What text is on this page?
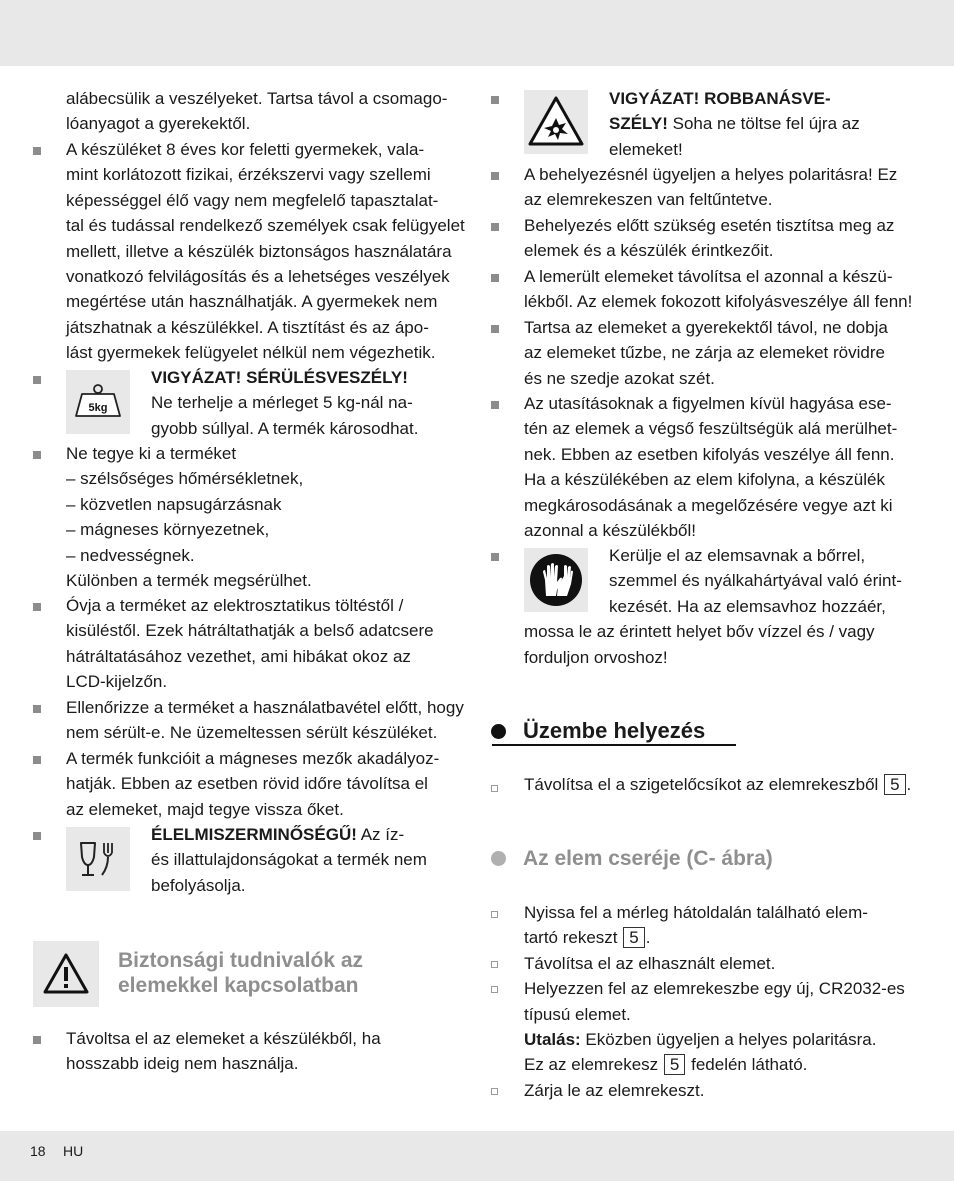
alábecsülik a veszélyeket. Tartsa távol a csomago-
lóanyagot a gyerekektől.
A készüléket 8 éves kor feletti gyermekek, vala-
mint korlátozott fizikai, érzékszervi vagy szellemi
képességgel élő vagy nem megfelelő tapasztalat-
tal és tudással rendelkező személyek csak felügyelet
mellett, illetve a készülék biztonságos használatára
vonatkozó felvilágosítás és a lehetséges veszélyek
megértése után használhatják. A gyermekek nem
játszhatnak a készülékkel. A tisztítást és az ápo-
lást gyermekek felügyelet nélkül nem végezhetik.
5kg
VIGYÁZAT! SÉRÜLÉSVESZÉLY!
Ne terhelje a mérleget 5 kg-nál na-
gyobb súllyal. A termék károsodhat.
Ne tegye ki a terméket
– szélsőséges hőmérsékletnek,
– közvetlen napsugárzásnak
– mágneses környezetnek,
– nedvességnek.
Különben a termék megsérülhet.
Óvja a terméket az elektrosztatikus töltéstől /
kisüléstől. Ezek hátráltathatják a belső adatcsere
hátráltatásához vezethet, ami hibákat okoz az
LCD-kijelzőn.
Ellenőrizze a terméket a használatbavétel előtt, hogy
nem sérült-e. Ne üzemeltessen sérült készüléket.
A termék funkcióit a mágneses mezők akadályoz-
hatják. Ebben az esetben rövid időre távolítsa el
az elemeket, majd tegye vissza őket.
ÉLELMISZERMINŐSÉGŰ! Az íz-
és illattulajdonságokat a termék nem
befolyásolja.
Biztonsági tudnivalók az
elemekkel kapcsolatban
Távoltsa el az elemeket a készülékből, ha
hosszabb ideig nem használja.
VIGYÁZAT! ROBBANÁSVE-
SZÉLY! Soha ne töltse fel újra az
elemeket!
A behelyezésnél ügyeljen a helyes polaritásra! Ez
az elemrekeszen van feltűntetve.
Behelyezés előtt szükség esetén tisztítsa meg az
elemek és a készülék érintkezőit.
A lemerült elemeket távolítsa el azonnal a készü-
lékből. Az elemek fokozott kifolyásveszélye áll fenn!
Tartsa az elemeket a gyerekektől távol, ne dobja
az elemeket tűzbe, ne zárja az elemeket rövidre
és ne szedje azokat szét.
Az utasításoknak a figyelmen kívül hagyása ese-
tén az elemek a végső feszültségük alá merülhet-
nek. Ebben az esetben kifolyás veszélye áll fenn.
Ha a készülékében az elem kifolyna, a készülék
megkárosodásának a megelőzésére vegye azt ki
azonnal a készülékből!
Kerülje el az elemsavnak a bőrrel,
szemmel és nyálkahártyával való érint-
kezését. Ha az elemsavhoz hozzáér,
mossa le az érintett helyet bőv vízzel és / vagy
forduljon orvoshoz!
Üzembe helyezés
Távolítsa el a szigetelőcsíkot az elemrekeszből 5 .
Az elem cseréje (C- ábra)
Nyissa fel a mérleg hátoldalán található elem-
tartó rekeszt 5 .
Távolítsa el az elhasznált elemet.
Helyezzen fel az elemrekeszbe egy új, CR2032-es
típusú elemet.
Utalás: Eközben ügyeljen a helyes polaritásra.
Ez az elemrekesz 5 fedelén látható.
Zárja le az elemrekeszt.
18 HU
